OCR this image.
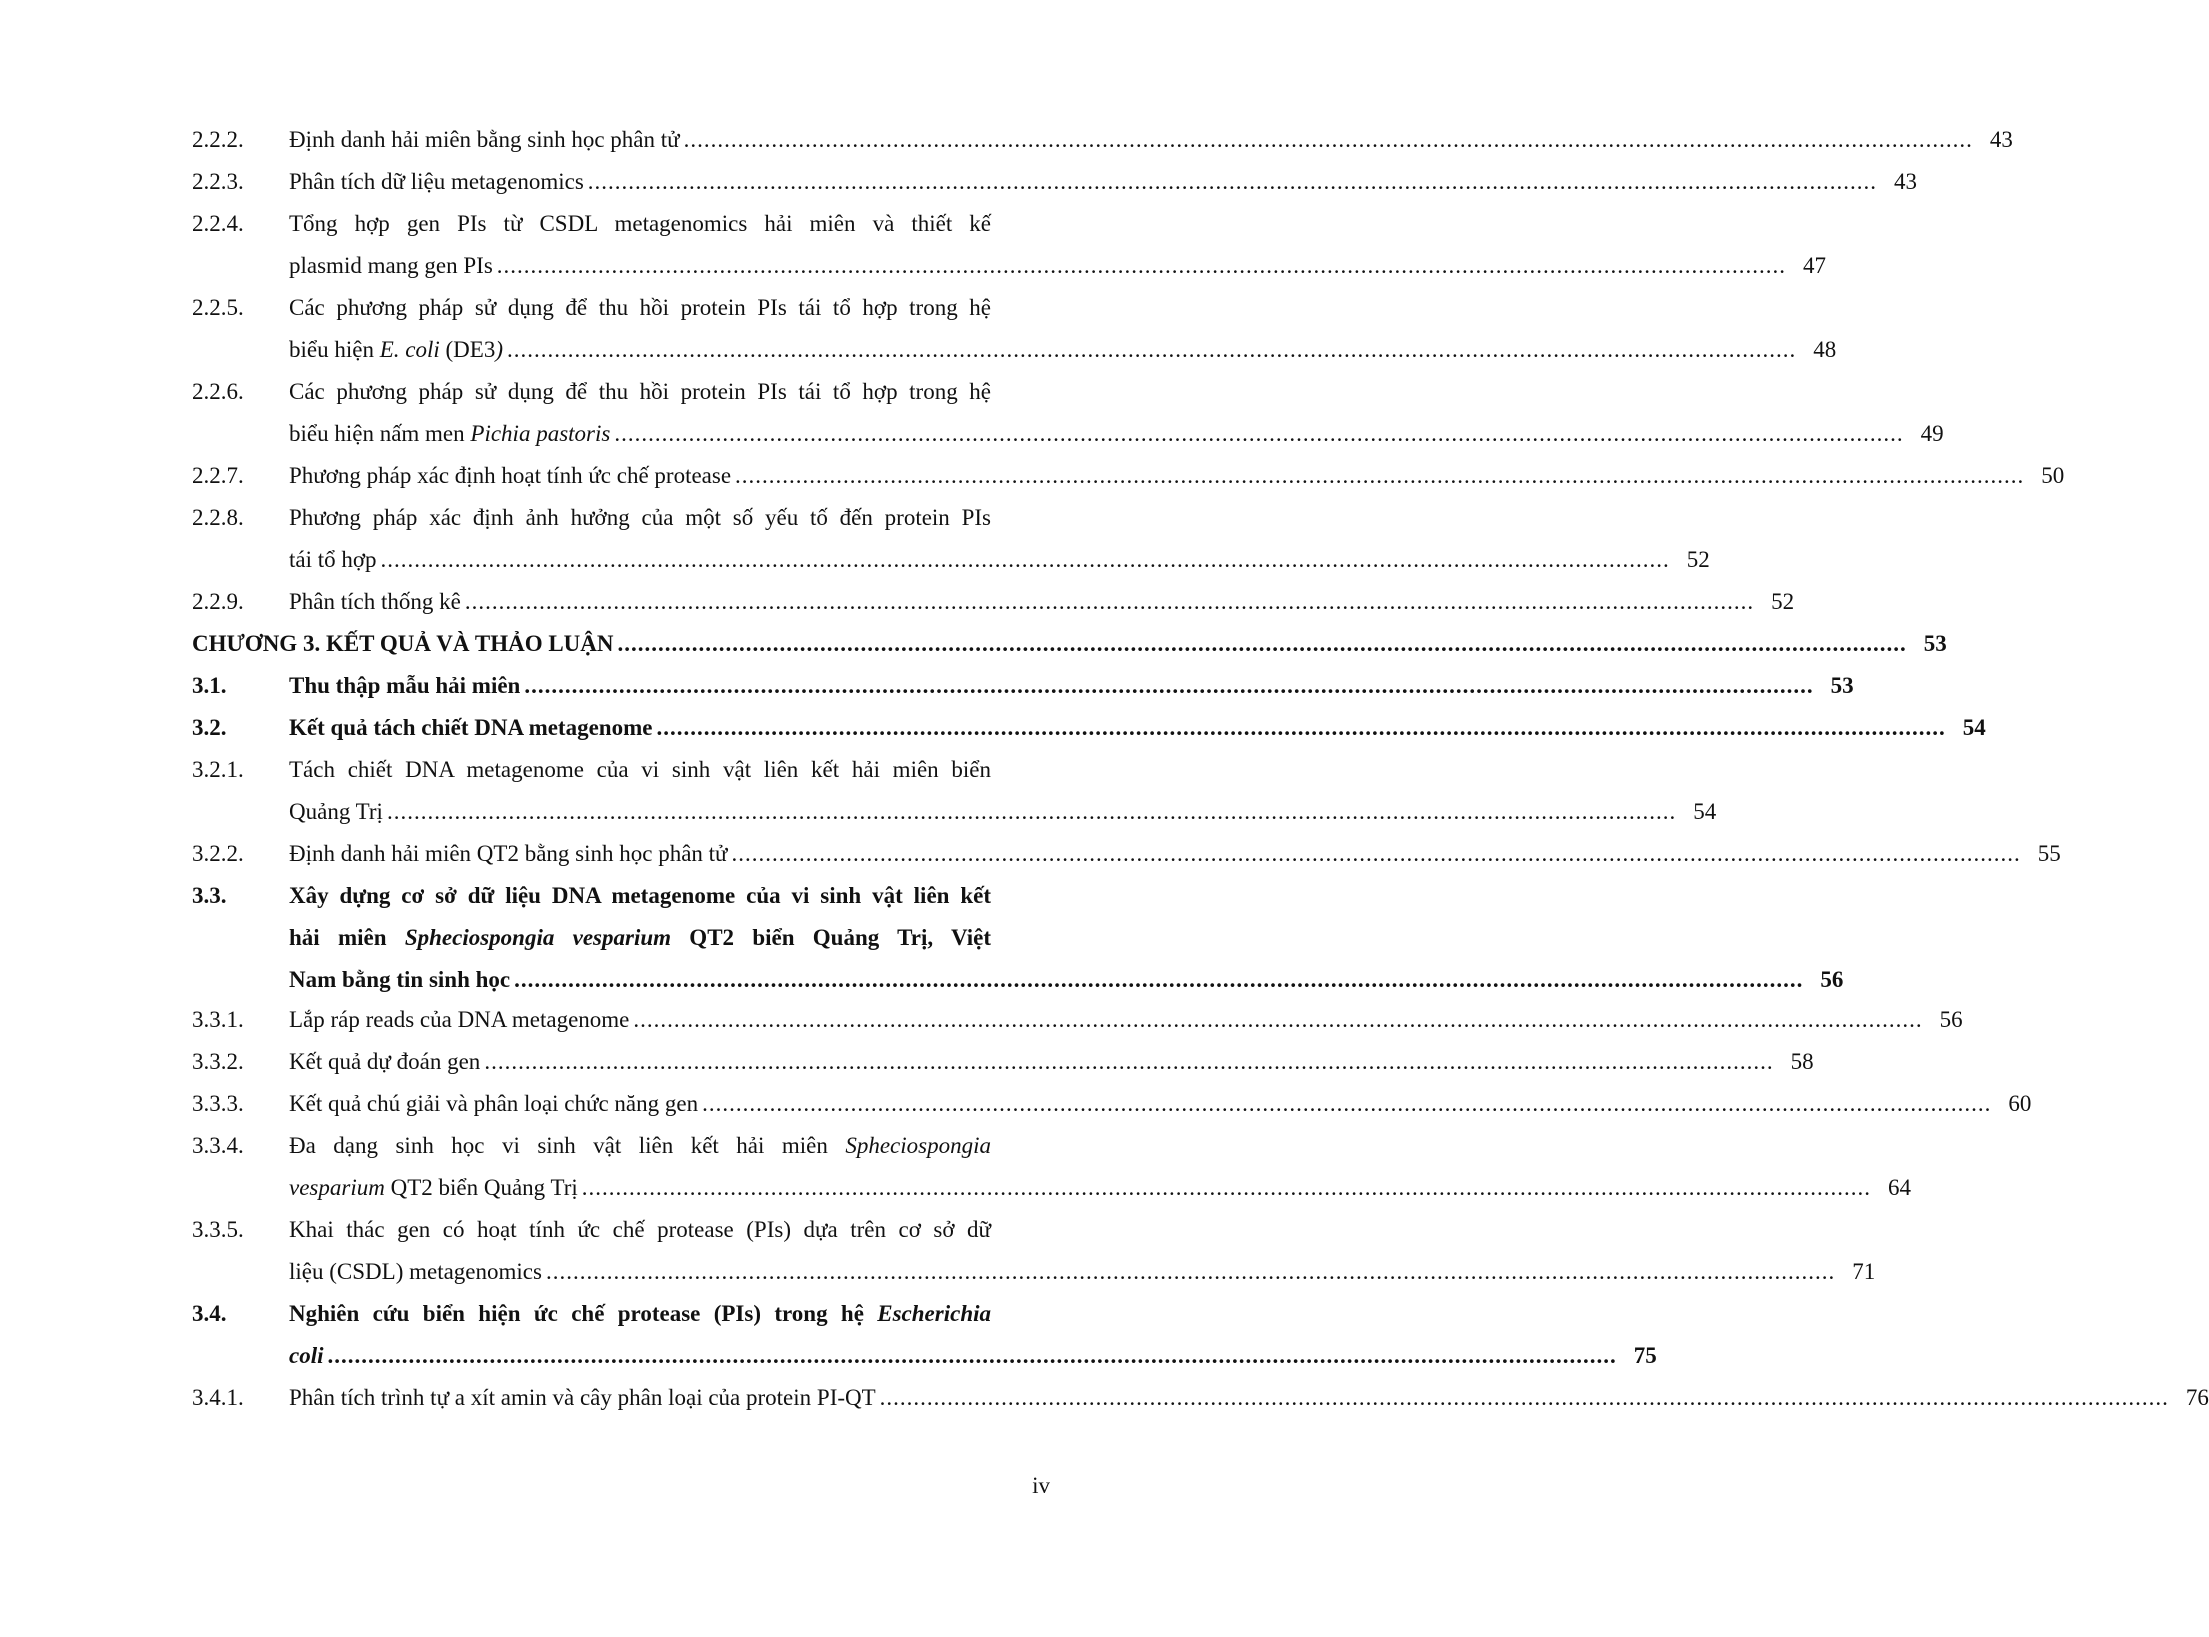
2.2.2. Định danh hải miên bằng sinh học phân tử ............................................................................................................................................................................................... 43
2.2.3. Phân tích dữ liệu metagenomics ............................................................................................................................................................................................... 43
2.2.4. Tổng hợp gen PIs từ CSDL metagenomics hải miên và thiết kế
plasmid mang gen PIs ............................................................................................................................................................................................... 47
2.2.5. Các phương pháp sử dụng để thu hồi protein PIs tái tổ hợp trong hệ
biểu hiện E. coli (DE3) ............................................................................................................................................................................................... 48
2.2.6. Các phương pháp sử dụng để thu hồi protein PIs tái tổ hợp trong hệ
biểu hiện nấm men Pichia pastoris ............................................................................................................................................................................................... 49
2.2.7. Phương pháp xác định hoạt tính ức chế protease ............................................................................................................................................................................................... 50
2.2.8. Phương pháp xác định ảnh hưởng của một số yếu tố đến protein PIs
tái tổ hợp ............................................................................................................................................................................................... 52
2.2.9. Phân tích thống kê ............................................................................................................................................................................................... 52
CHƯƠNG 3. KẾT QUẢ VÀ THẢO LUẬN ............................................................................................................................................................................................... 53
3.1.	Thu thập mẫu hải miên ............................................................................................................................................................................................... 53
3.2.	Kết quả tách chiết DNA metagenome ............................................................................................................................................................................................... 54
3.2.1. Tách chiết DNA metagenome của vi sinh vật liên kết hải miên biển
Quảng Trị ............................................................................................................................................................................................... 54
3.2.2. Định danh hải miên QT2 bằng sinh học phân tử ............................................................................................................................................................................................... 55
3.3.	Xây dựng cơ sở dữ liệu DNA metagenome của vi sinh vật liên kết
hải miên Spheciospongia vesparium QT2 biển Quảng Trị, Việt
Nam bằng tin sinh học ............................................................................................................................................................................................... 56
3.3.1. Lắp ráp reads của DNA metagenome ............................................................................................................................................................................................... 56
3.3.2. Kết quả dự đoán gen ............................................................................................................................................................................................... 58
3.3.3. Kết quả chú giải và phân loại chức năng gen ............................................................................................................................................................................................... 60
3.3.4. Đa dạng sinh học vi sinh vật liên kết hải miên Spheciospongia
vesparium QT2 biển Quảng Trị ............................................................................................................................................................................................... 64
3.3.5. Khai thác gen có hoạt tính ức chế protease (PIs) dựa trên cơ sở dữ
liệu (CSDL) metagenomics ............................................................................................................................................................................................... 71
3.4.	Nghiên cứu biển hiện ức chế protease (PIs) trong hệ Escherichia
coli ............................................................................................................................................................................................... 75
3.4.1. Phân tích trình tự a xít amin và cây phân loại của protein PI-QT ............................................................................................................................................................................................... 76
iv
